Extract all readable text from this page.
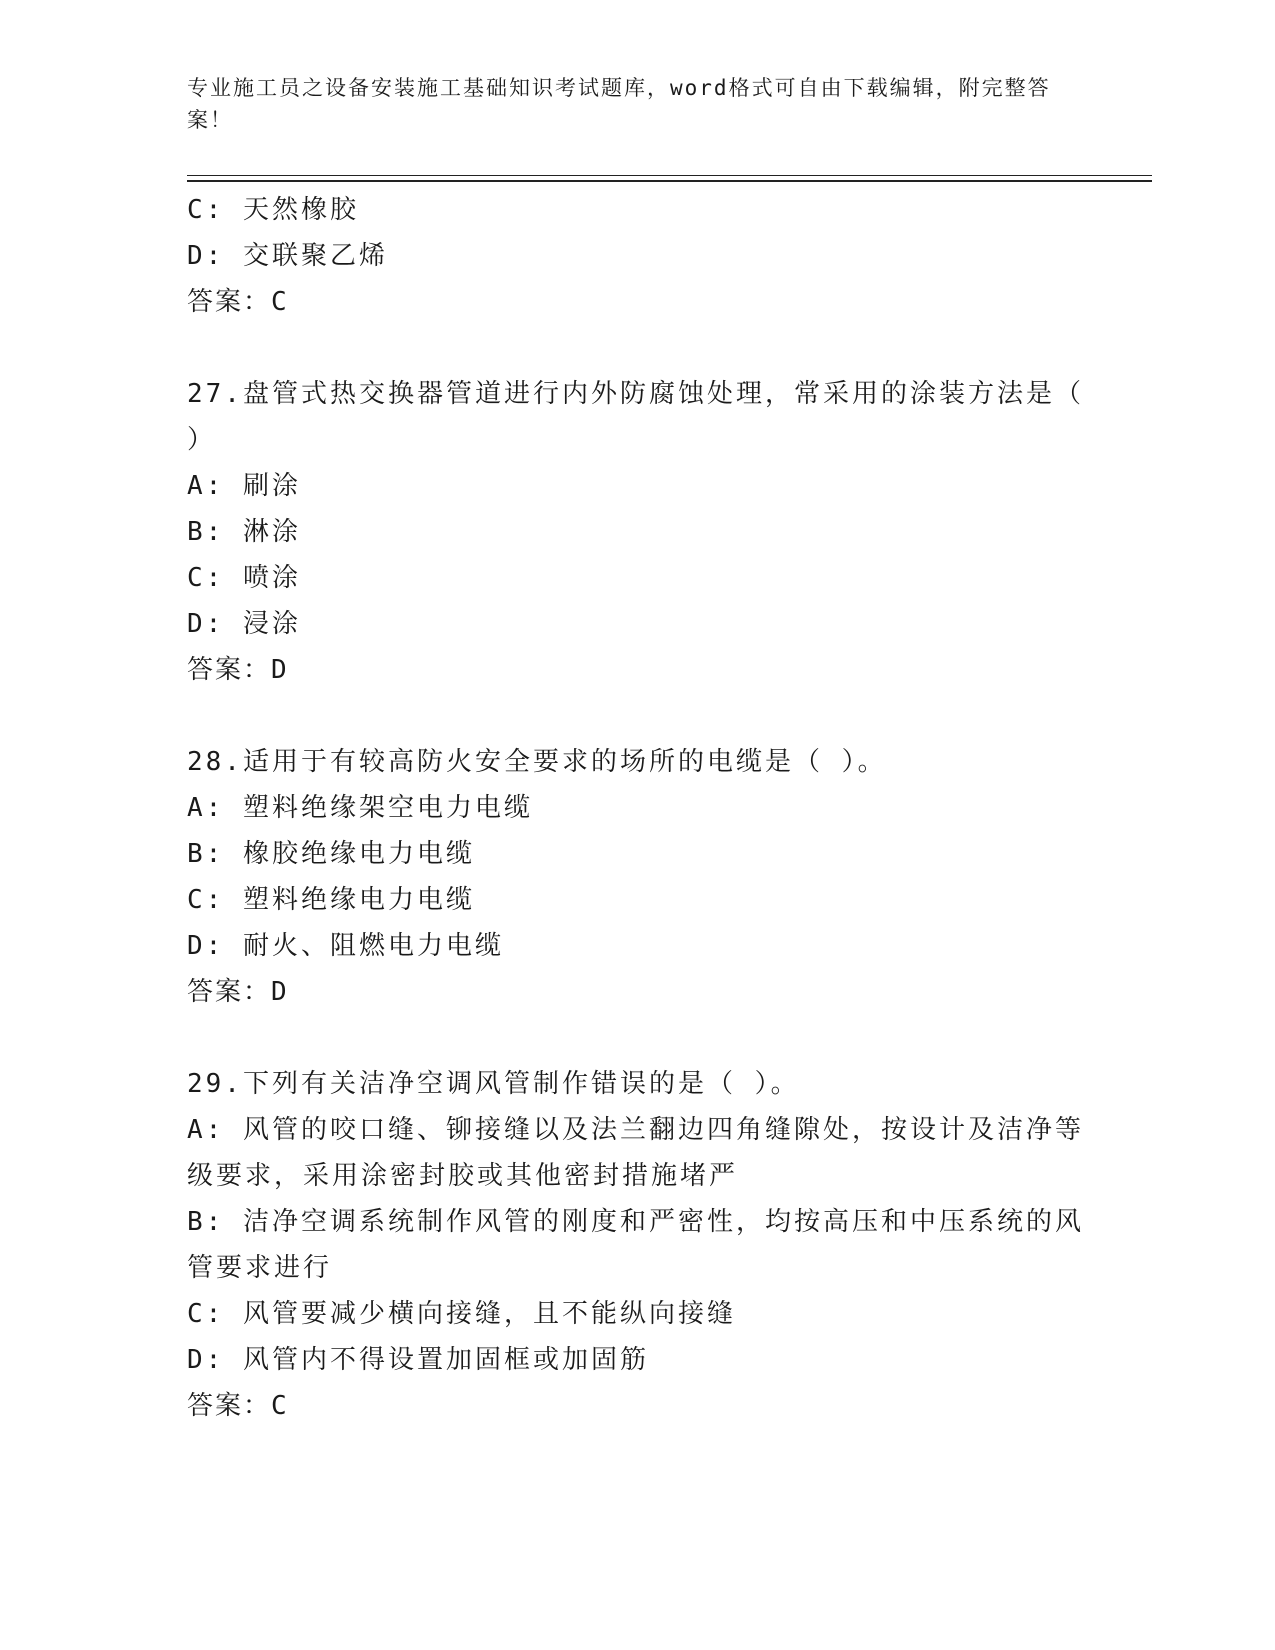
专业施工员之设备安装施工基础知识考试题库，word格式可自由下载编辑，附完整答案！
C: 天然橡胶
D: 交联聚乙烯
答案：C
27.盘管式热交换器管道进行内外防腐蚀处理，常采用的涂装方法是（
）
A: 刷涂
B: 淋涂
C: 喷涂
D: 浸涂
答案：D
28.适用于有较高防火安全要求的场所的电缆是（ ）。
A: 塑料绝缘架空电力电缆
B: 橡胶绝缘电力电缆
C: 塑料绝缘电力电缆
D: 耐火、阻燃电力电缆
答案：D
29.下列有关洁净空调风管制作错误的是（ ）。
A: 风管的咬口缝、铆接缝以及法兰翻边四角缝隙处，按设计及洁净等
级要求，采用涂密封胶或其他密封措施堵严
B: 洁净空调系统制作风管的刚度和严密性，均按高压和中压系统的风
管要求进行
C: 风管要减少横向接缝，且不能纵向接缝
D: 风管内不得设置加固框或加固筋
答案：C
